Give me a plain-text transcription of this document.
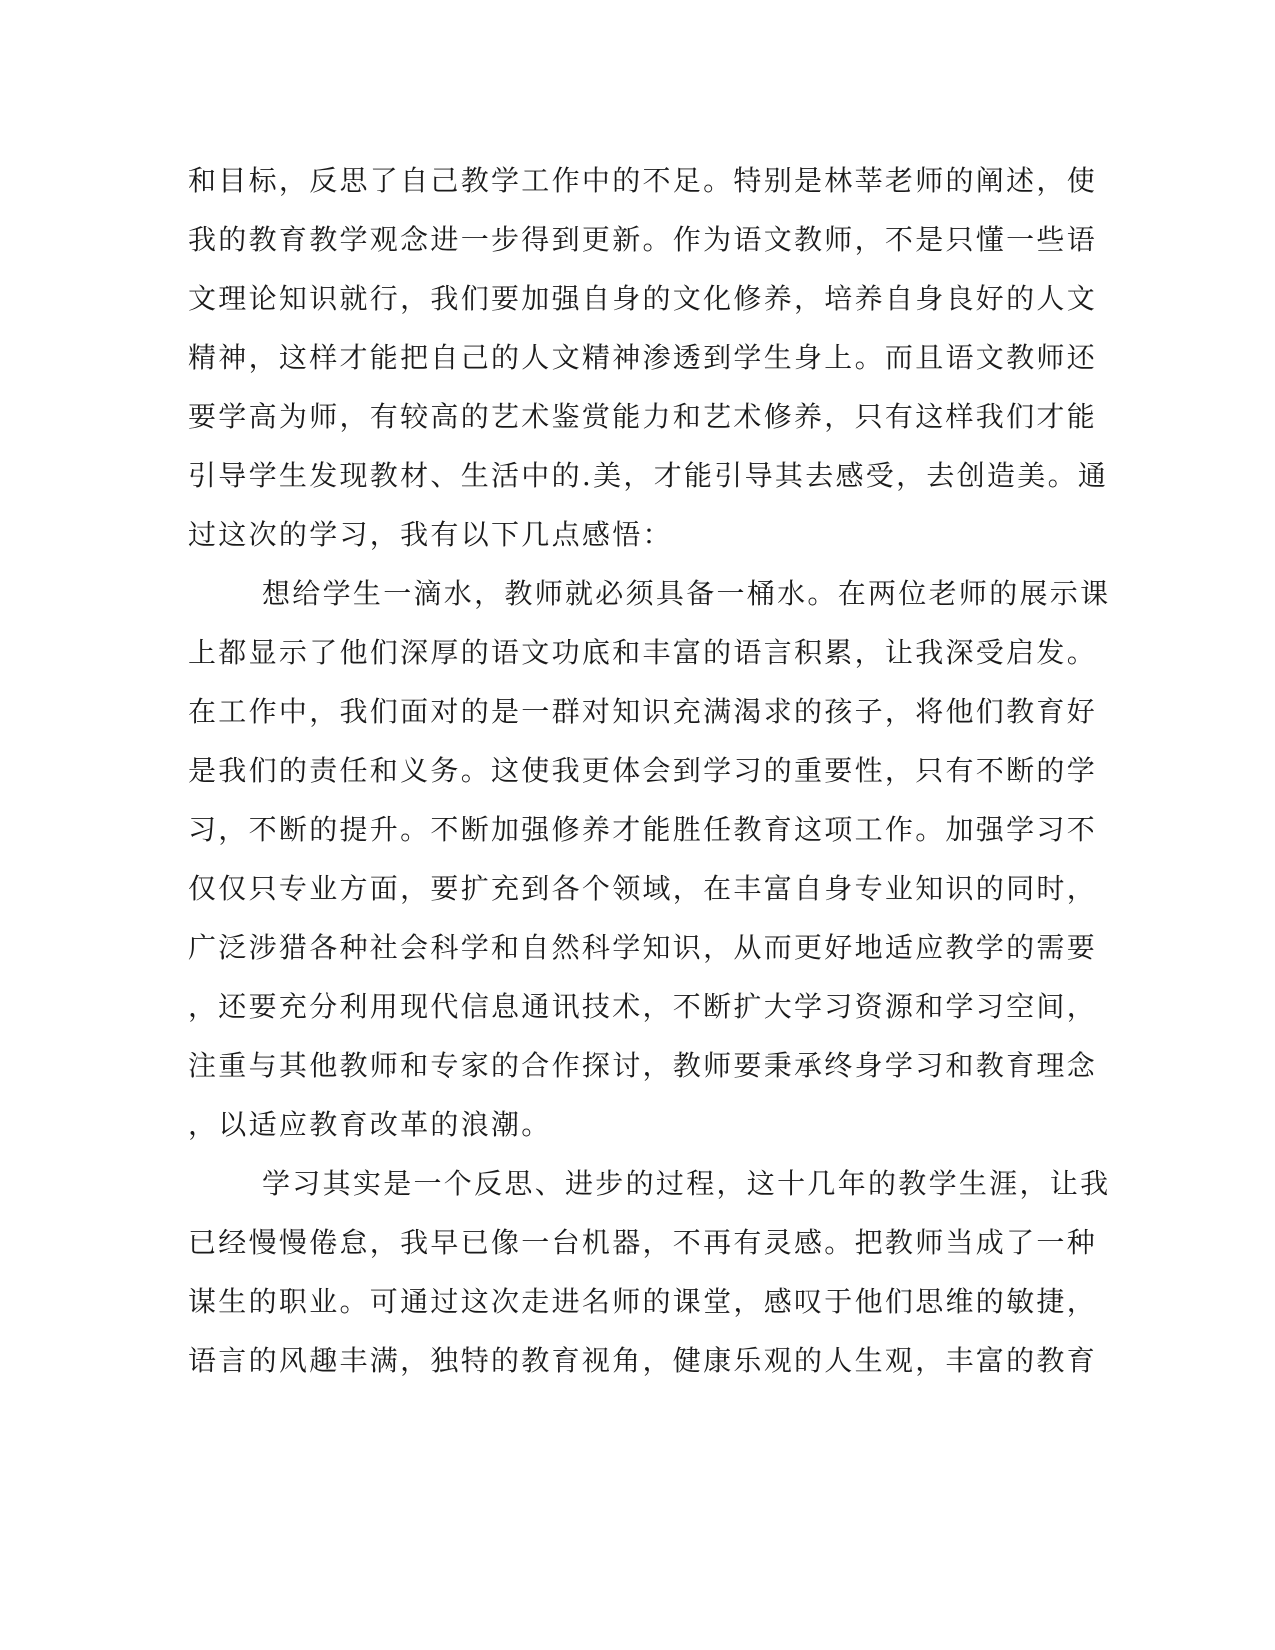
和目标，反思了自己教学工作中的不足。特别是林莘老师的阐述，使

我的教育教学观念进一步得到更新。作为语文教师，不是只懂一些语

文理论知识就行，我们要加强自身的文化修养，培养自身良好的人文

精神，这样才能把自己的人文精神渗透到学生身上。而且语文教师还

要学高为师，有较高的艺术鉴赏能力和艺术修养，只有这样我们才能

引导学生发现教材、生活中的.美，才能引导其去感受，去创造美。通

过这次的学习，我有以下几点感悟：

想给学生一滴水，教师就必须具备一桶水。在两位老师的展示课

上都显示了他们深厚的语文功底和丰富的语言积累，让我深受启发。

在工作中，我们面对的是一群对知识充满渴求的孩子，将他们教育好

是我们的责任和义务。这使我更体会到学习的重要性，只有不断的学

习，不断的提升。不断加强修养才能胜任教育这项工作。加强学习不

仅仅只专业方面，要扩充到各个领域，在丰富自身专业知识的同时，

广泛涉猎各种社会科学和自然科学知识，从而更好地适应教学的需要

，还要充分利用现代信息通讯技术，不断扩大学习资源和学习空间，

注重与其他教师和专家的合作探讨，教师要秉承终身学习和教育理念

，以适应教育改革的浪潮。

学习其实是一个反思、进步的过程，这十几年的教学生涯，让我

已经慢慢倦怠，我早已像一台机器，不再有灵感。把教师当成了一种

谋生的职业。可通过这次走进名师的课堂，感叹于他们思维的敏捷，

语言的风趣丰满，独特的教育视角，健康乐观的人生观，丰富的教育
